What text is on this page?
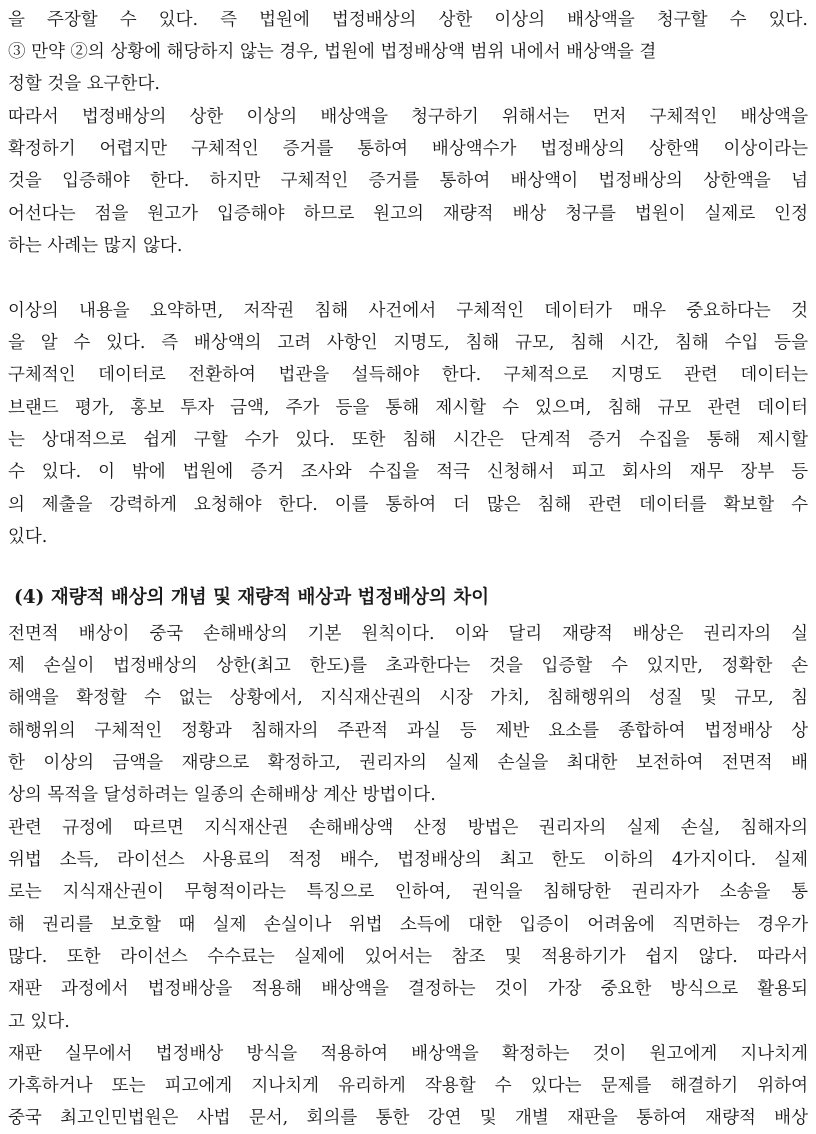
을 주장할 수 있다. 즉 법원에 법정배상의 상한 이상의 배상액을 청구할 수 있다.
③ 만약 ②의 상황에 해당하지 않는 경우, 법원에 법정배상액 범위 내에서 배상액을 결
정할 것을 요구한다.
따라서 법정배상의 상한 이상의 배상액을 청구하기 위해서는 먼저 구체적인 배상액을
확정하기 어렵지만 구체적인 증거를 통하여 배상액수가 법정배상의 상한액 이상이라는
것을 입증해야 한다. 하지만 구체적인 증거를 통하여 배상액이 법정배상의 상한액을 넘
어선다는 점을 원고가 입증해야 하므로 원고의 재량적 배상 청구를 법원이 실제로 인정
하는 사례는 많지 않다.
이상의 내용을 요약하면, 저작권 침해 사건에서 구체적인 데이터가 매우 중요하다는 것
을 알 수 있다. 즉 배상액의 고려 사항인 지명도, 침해 규모, 침해 시간, 침해 수입 등을
구체적인 데이터로 전환하여 법관을 설득해야 한다. 구체적으로 지명도 관련 데이터는
브랜드 평가, 홍보 투자 금액, 주가 등을 통해 제시할 수 있으며, 침해 규모 관련 데이터
는 상대적으로 쉽게 구할 수가 있다. 또한 침해 시간은 단계적 증거 수집을 통해 제시할
수 있다. 이 밖에 법원에 증거 조사와 수집을 적극 신청해서 피고 회사의 재무 장부 등
의 제출을 강력하게 요청해야 한다. 이를 통하여 더 많은 침해 관련 데이터를 확보할 수
있다.
(4) 재량적 배상의 개념 및 재량적 배상과 법정배상의 차이
전면적 배상이 중국 손해배상의 기본 원칙이다. 이와 달리 재량적 배상은 권리자의 실
제 손실이 법정배상의 상한(최고 한도)를 초과한다는 것을 입증할 수 있지만, 정확한 손
해액을 확정할 수 없는 상황에서, 지식재산권의 시장 가치, 침해행위의 성질 및 규모, 침
해행위의 구체적인 정황과 침해자의 주관적 과실 등 제반 요소를 종합하여 법정배상 상
한 이상의 금액을 재량으로 확정하고, 권리자의 실제 손실을 최대한 보전하여 전면적 배
상의 목적을 달성하려는 일종의 손해배상 계산 방법이다.
관련 규정에 따르면 지식재산권 손해배상액 산정 방법은 권리자의 실제 손실, 침해자의
위법 소득, 라이선스 사용료의 적정 배수, 법정배상의 최고 한도 이하의 4가지이다. 실제
로는 지식재산권이 무형적이라는 특징으로 인하여, 권익을 침해당한 권리자가 소송을 통
해 권리를 보호할 때 실제 손실이나 위법 소득에 대한 입증이 어려움에 직면하는 경우가
많다. 또한 라이선스 수수료는 실제에 있어서는 참조 및 적용하기가 쉽지 않다. 따라서
재판 과정에서 법정배상을 적용해 배상액을 결정하는 것이 가장 중요한 방식으로 활용되
고 있다.
재판 실무에서 법정배상 방식을 적용하여 배상액을 확정하는 것이 원고에게 지나치게
가혹하거나 또는 피고에게 지나치게 유리하게 작용할 수 있다는 문제를 해결하기 위하여
중국 최고인민법원은 사법 문서, 회의를 통한 강연 및 개별 재판을 통하여 재량적 배상
